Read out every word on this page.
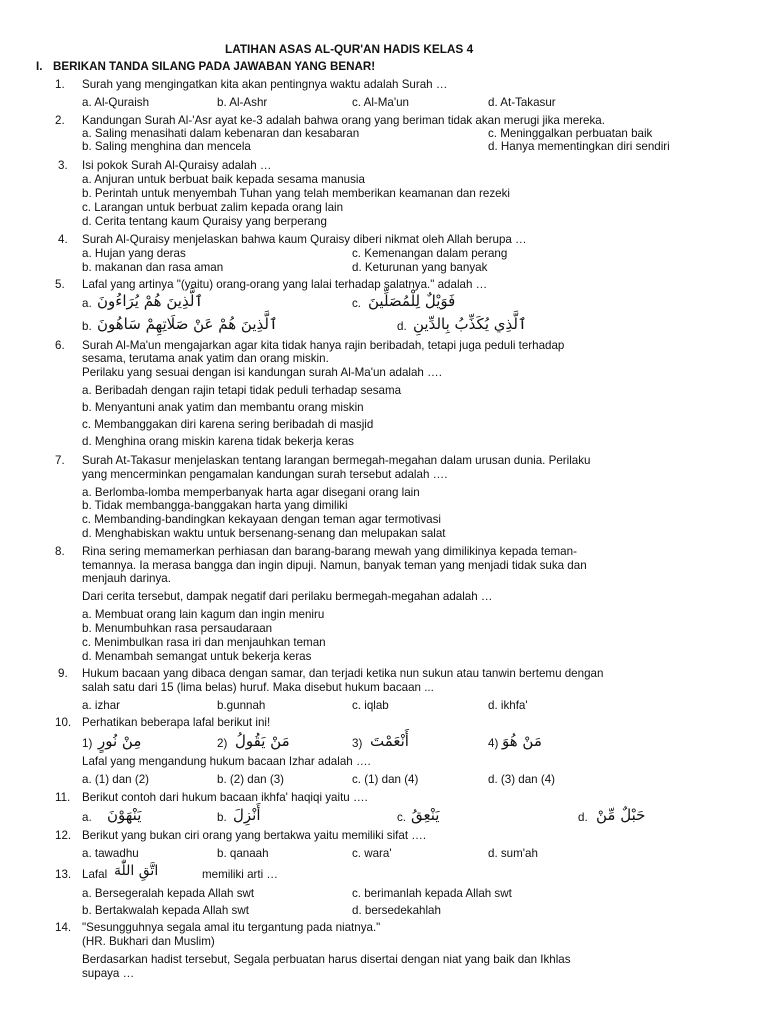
LATIHAN ASAS AL-QUR'AN HADIS KELAS 4
I. BERIKAN TANDA SILANG PADA JAWABAN YANG BENAR!
1. Surah yang mengingatkan kita akan pentingnya waktu adalah Surah …
a. Al-Quraish	b. Al-Ashr	c. Al-Ma'un	d. At-Takasur
2. Kandungan Surah Al-'Asr ayat ke-3 adalah bahwa orang yang beriman tidak akan merugi jika mereka.
a. Saling menasihati dalam kebenaran dan kesabaran	c. Meninggalkan perbuatan baik
b. Saling menghina dan mencela	d. Hanya mementingkan diri sendiri
3. Isi pokok Surah Al-Quraisy adalah …
a. Anjuran untuk berbuat baik kepada sesama manusia
b. Perintah untuk menyembah Tuhan yang telah memberikan keamanan dan rezeki
c. Larangan untuk berbuat zalim kepada orang lain
d. Cerita tentang kaum Quraisy yang berperang
4. Surah Al-Quraisy menjelaskan bahwa kaum Quraisy diberi nikmat oleh Allah berupa …
a. Hujan yang deras	c. Kemenangan dalam perang
b. makanan dan rasa aman	d. Keturunan yang banyak
5. Lafal yang artinya "(yaitu) orang-orang yang lalai terhadap salatnya." adalah …
a. ٱلَّذِينَ هُمْ يُرَاءُونَ	c. فَوَيْلٌ لِلْمُصَلِّينَ
b. ٱلَّذِينَ هُمْ عَنْ صَلَاتِهِمْ سَاهُونَ	d. ٱلَّذِي يُكَذِّبُ بِالدِّينِ
6. Surah Al-Ma'un mengajarkan agar kita tidak hanya rajin beribadah, tetapi juga peduli terhadap
sesama, terutama anak yatim dan orang miskin.
Perilaku yang sesuai dengan isi kandungan surah Al-Ma'un adalah ….
a. Beribadah dengan rajin tetapi tidak peduli terhadap sesama
b. Menyantuni anak yatim dan membantu orang miskin
c. Membanggakan diri karena sering beribadah di masjid
d. Menghina orang miskin karena tidak bekerja keras
7. Surah At-Takasur menjelaskan tentang larangan bermegah-megahan dalam urusan dunia. Perilaku
yang mencerminkan pengamalan kandungan surah tersebut adalah ….
a. Berlomba-lomba memperbanyak harta agar disegani orang lain
b. Tidak membangga-banggakan harta yang dimiliki
c. Membanding-bandingkan kekayaan dengan teman agar termotivasi
d. Menghabiskan waktu untuk bersenang-senang dan melupakan salat
8. Rina sering memamerkan perhiasan dan barang-barang mewah yang dimilikinya kepada teman-
temannya. Ia merasa bangga dan ingin dipuji. Namun, banyak teman yang menjadi tidak suka dan
menjauh darinya.
Dari cerita tersebut, dampak negatif dari perilaku bermegah-megahan adalah …
a. Membuat orang lain kagum dan ingin meniru
b. Menumbuhkan rasa persaudaraan
c. Menimbulkan rasa iri dan menjauhkan teman
d. Menambah semangat untuk bekerja keras
9. Hukum bacaan yang dibaca dengan samar, dan terjadi ketika nun sukun atau tanwin bertemu dengan
salah satu dari 15 (lima belas) huruf. Maka disebut hukum bacaan ...
a. izhar	b.gunnah	c. iqlab	d. ikhfa'
10. Perhatikan beberapa lafal berikut ini!
1) مِنْ نُورٍ	2) مَنْ يَقُولُ	3) أَنْعَمْتَ	4) مَنْ هُوَ
Lafal yang mengandung hukum bacaan Izhar adalah ….
a. (1) dan (2)	b. (2) dan (3)	c. (1) dan (4)	d. (3) dan (4)
11. Berikut contoh dari hukum bacaan ikhfa' haqiqi yaitu ….
a. يَنْهَوْنَ	b. أَنْزِلَ	c. يَنْعِقُ	d. حَبْلٌ مِّنْ
12. Berikut yang bukan ciri orang yang bertakwa yaitu memiliki sifat ….
a. tawadhu	b. qanaah	c. wara'	d. sum'ah
13. Lafal اتَّقِ اللّٰهَ	memiliki arti …
a. Bersegeralah kepada Allah swt	c. berimanlah kepada Allah swt
b. Bertakwalah kepada Allah swt	d. bersedekahlah
14. "Sesungguhnya segala amal itu tergantung pada niatnya."
(HR. Bukhari dan Muslim)
Berdasarkan hadist tersebut, Segala perbuatan harus disertai dengan niat yang baik dan Ikhlas
supaya …
